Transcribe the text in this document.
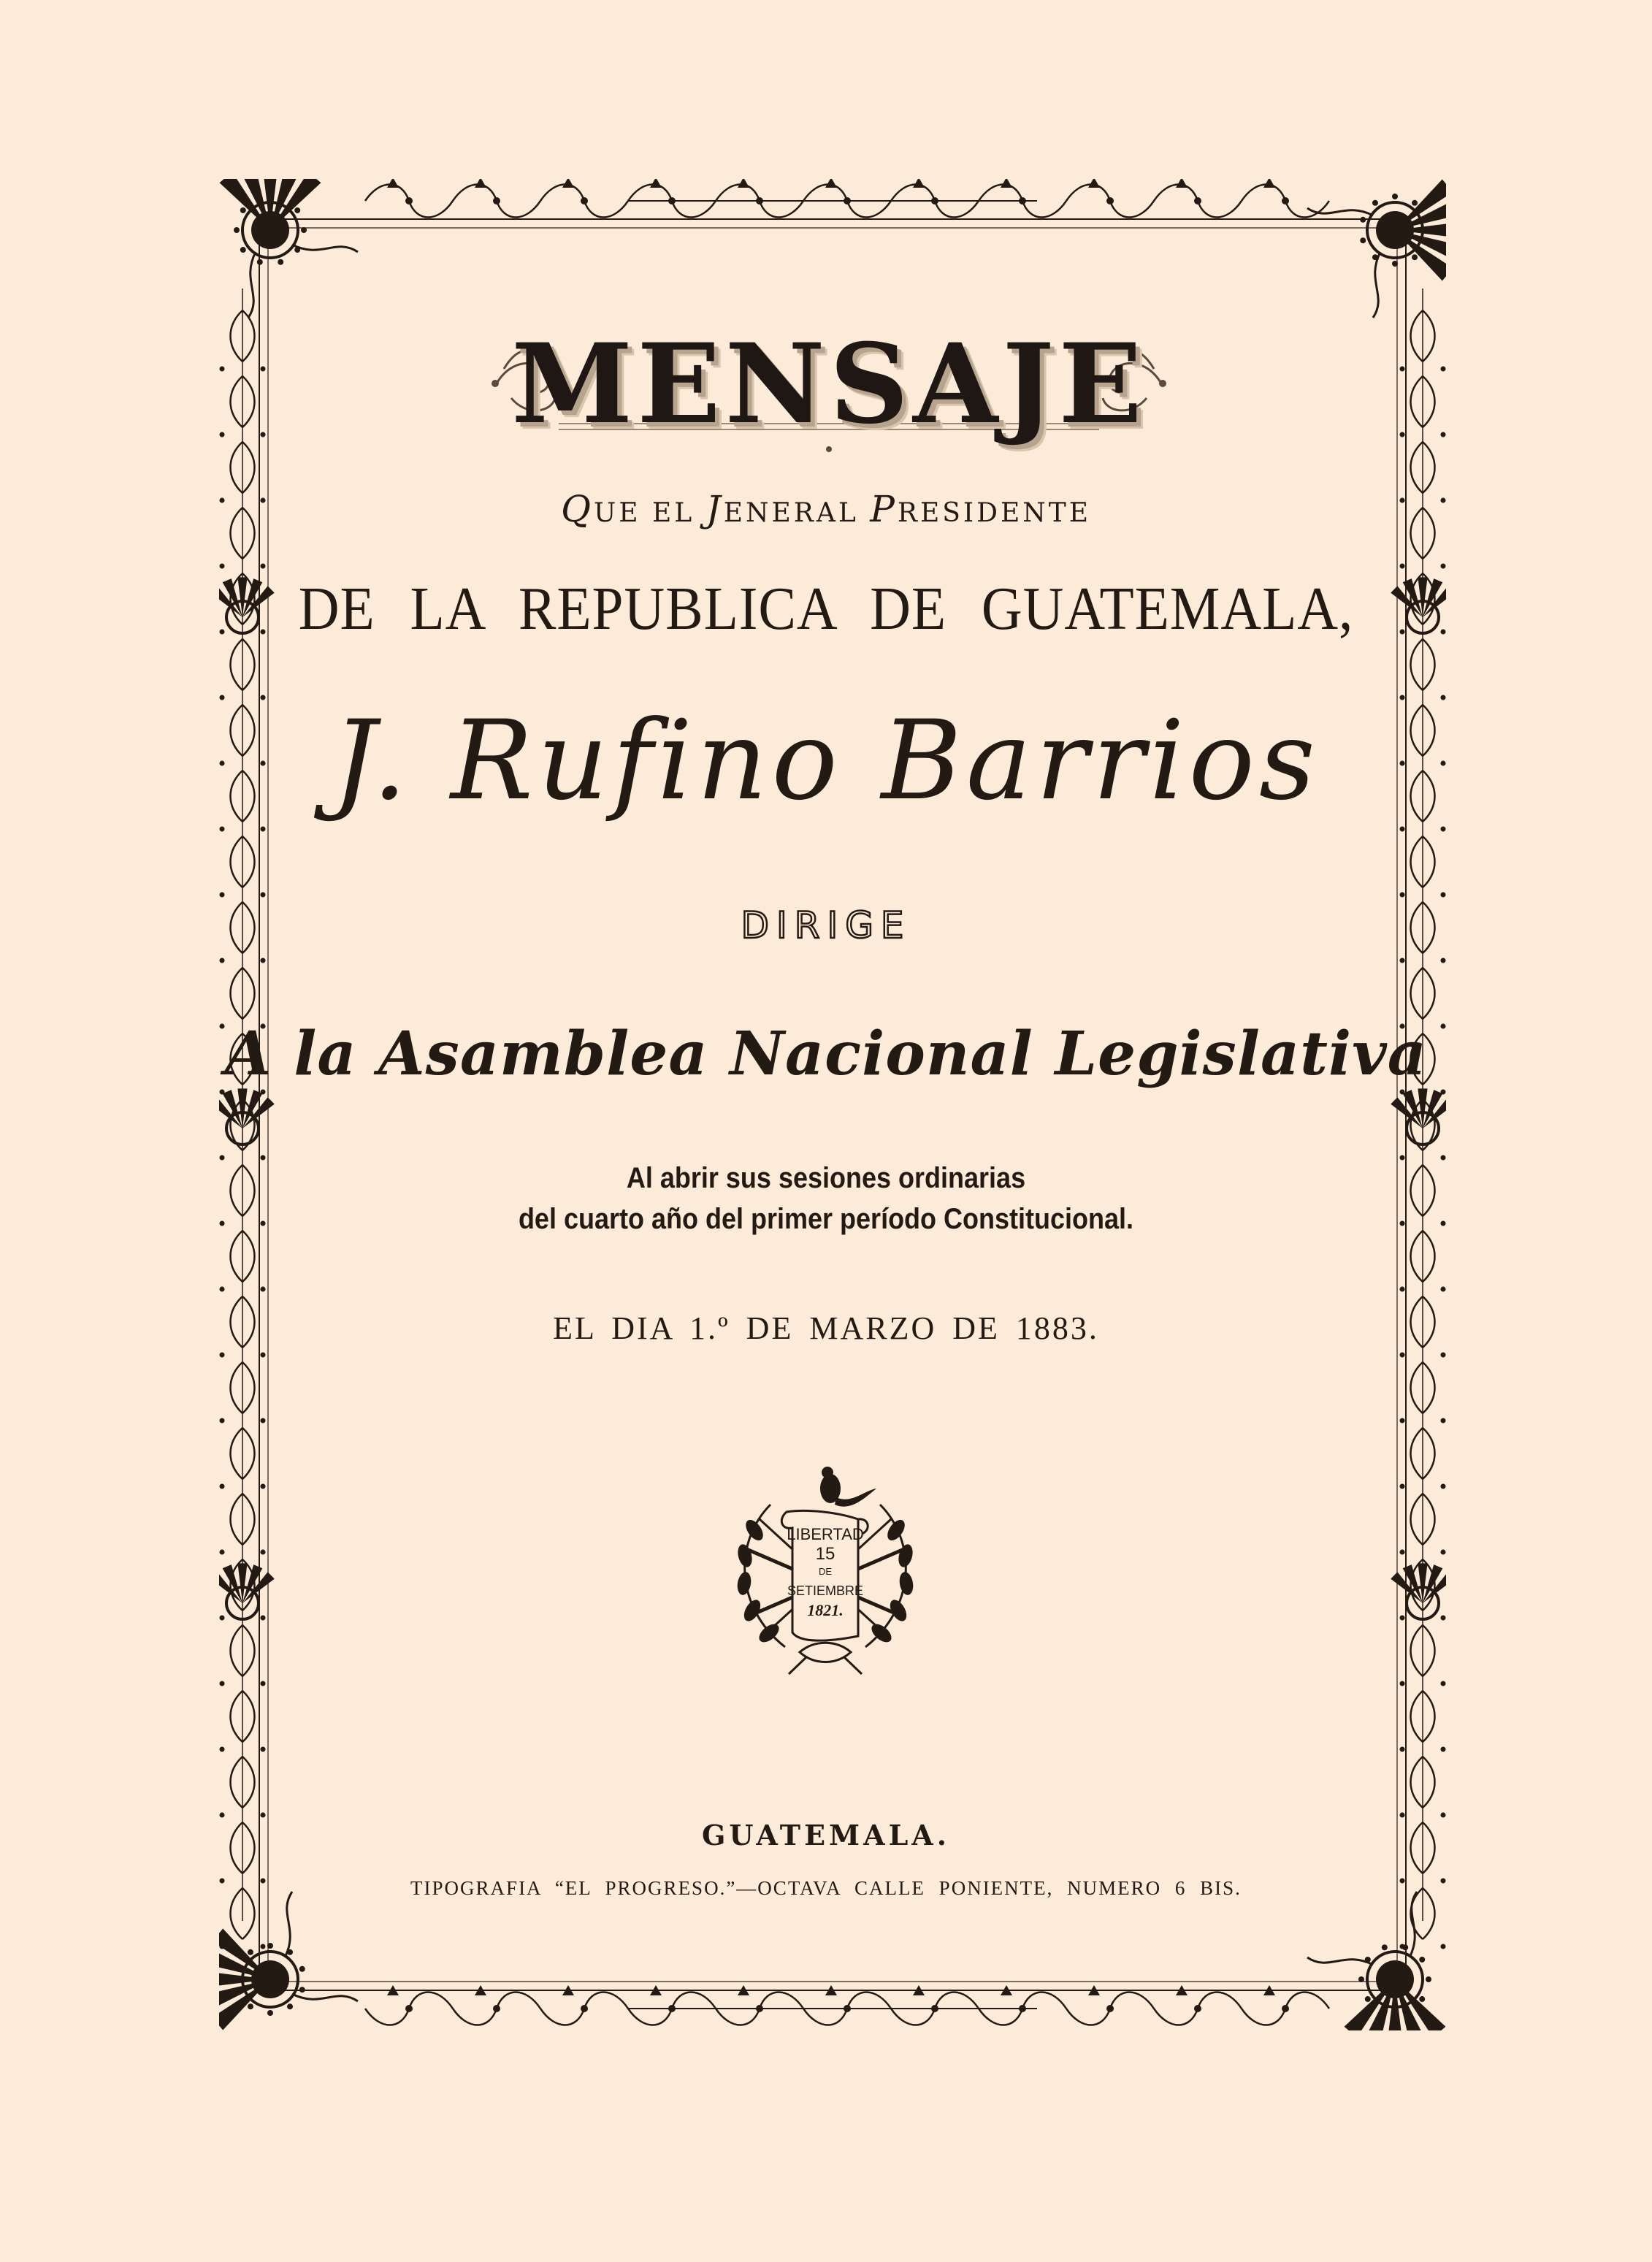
MENSAJE
QUE EL JENERAL PRESIDENTE
DE LA REPUBLICA DE GUATEMALA,
J. Rufino Barrios
DIRIGE
A la Asamblea Nacional Legislativa
Al abrir sus sesiones ordinarias
del cuarto año del primer período Constitucional.
EL DIA 1.º DE MARZO DE 1883.
LIBERTAD
15
DE
SETIEMBRE
1821.
GUATEMALA.
TIPOGRAFIA “EL PROGRESO.”—OCTAVA CALLE PONIENTE, NUMERO 6 BIS.
